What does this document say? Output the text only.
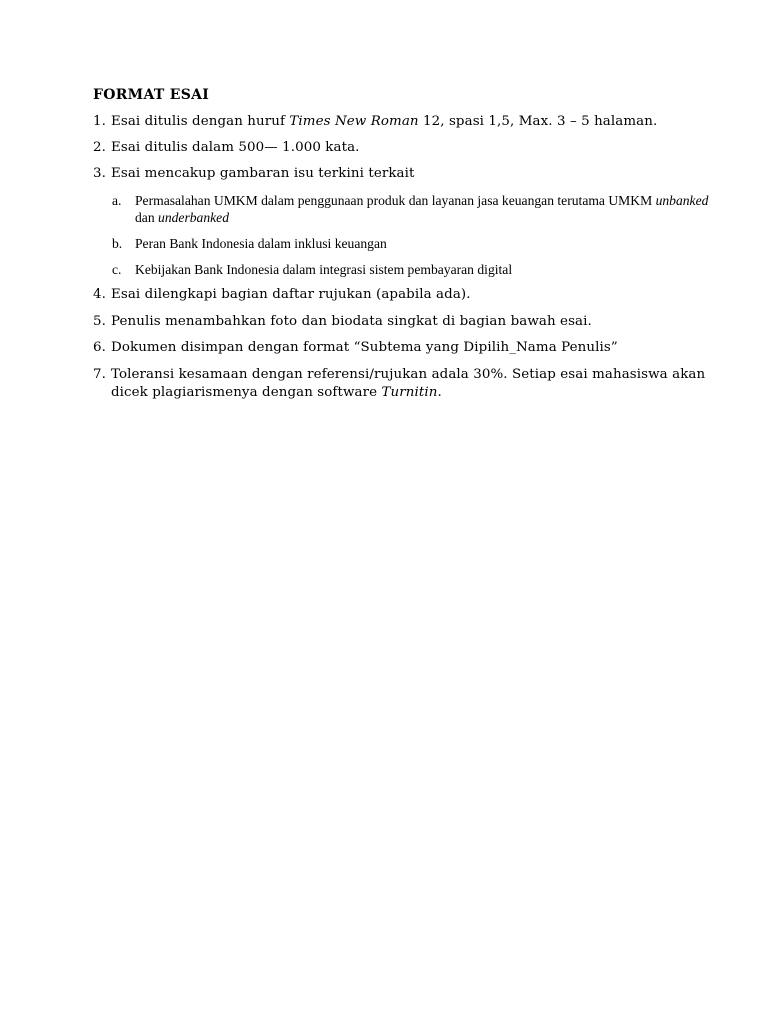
FORMAT ESAI
1. Esai ditulis dengan huruf Times New Roman 12, spasi 1,5, Max. 3 – 5 halaman.
2. Esai ditulis dalam 500— 1.000 kata.
3. Esai mencakup gambaran isu terkini terkait
a. Permasalahan UMKM dalam penggunaan produk dan layanan jasa keuangan terutama UMKM unbanked dan underbanked
b. Peran Bank Indonesia dalam inklusi keuangan
c. Kebijakan Bank Indonesia dalam integrasi sistem pembayaran digital
4. Esai dilengkapi bagian daftar rujukan (apabila ada).
5. Penulis menambahkan foto dan biodata singkat di bagian bawah esai.
6. Dokumen disimpan dengan format “Subtema yang Dipilih_Nama Penulis”
7. Toleransi kesamaan dengan referensi/rujukan adala 30%. Setiap esai mahasiswa akan dicek plagiarismenya dengan software Turnitin.
